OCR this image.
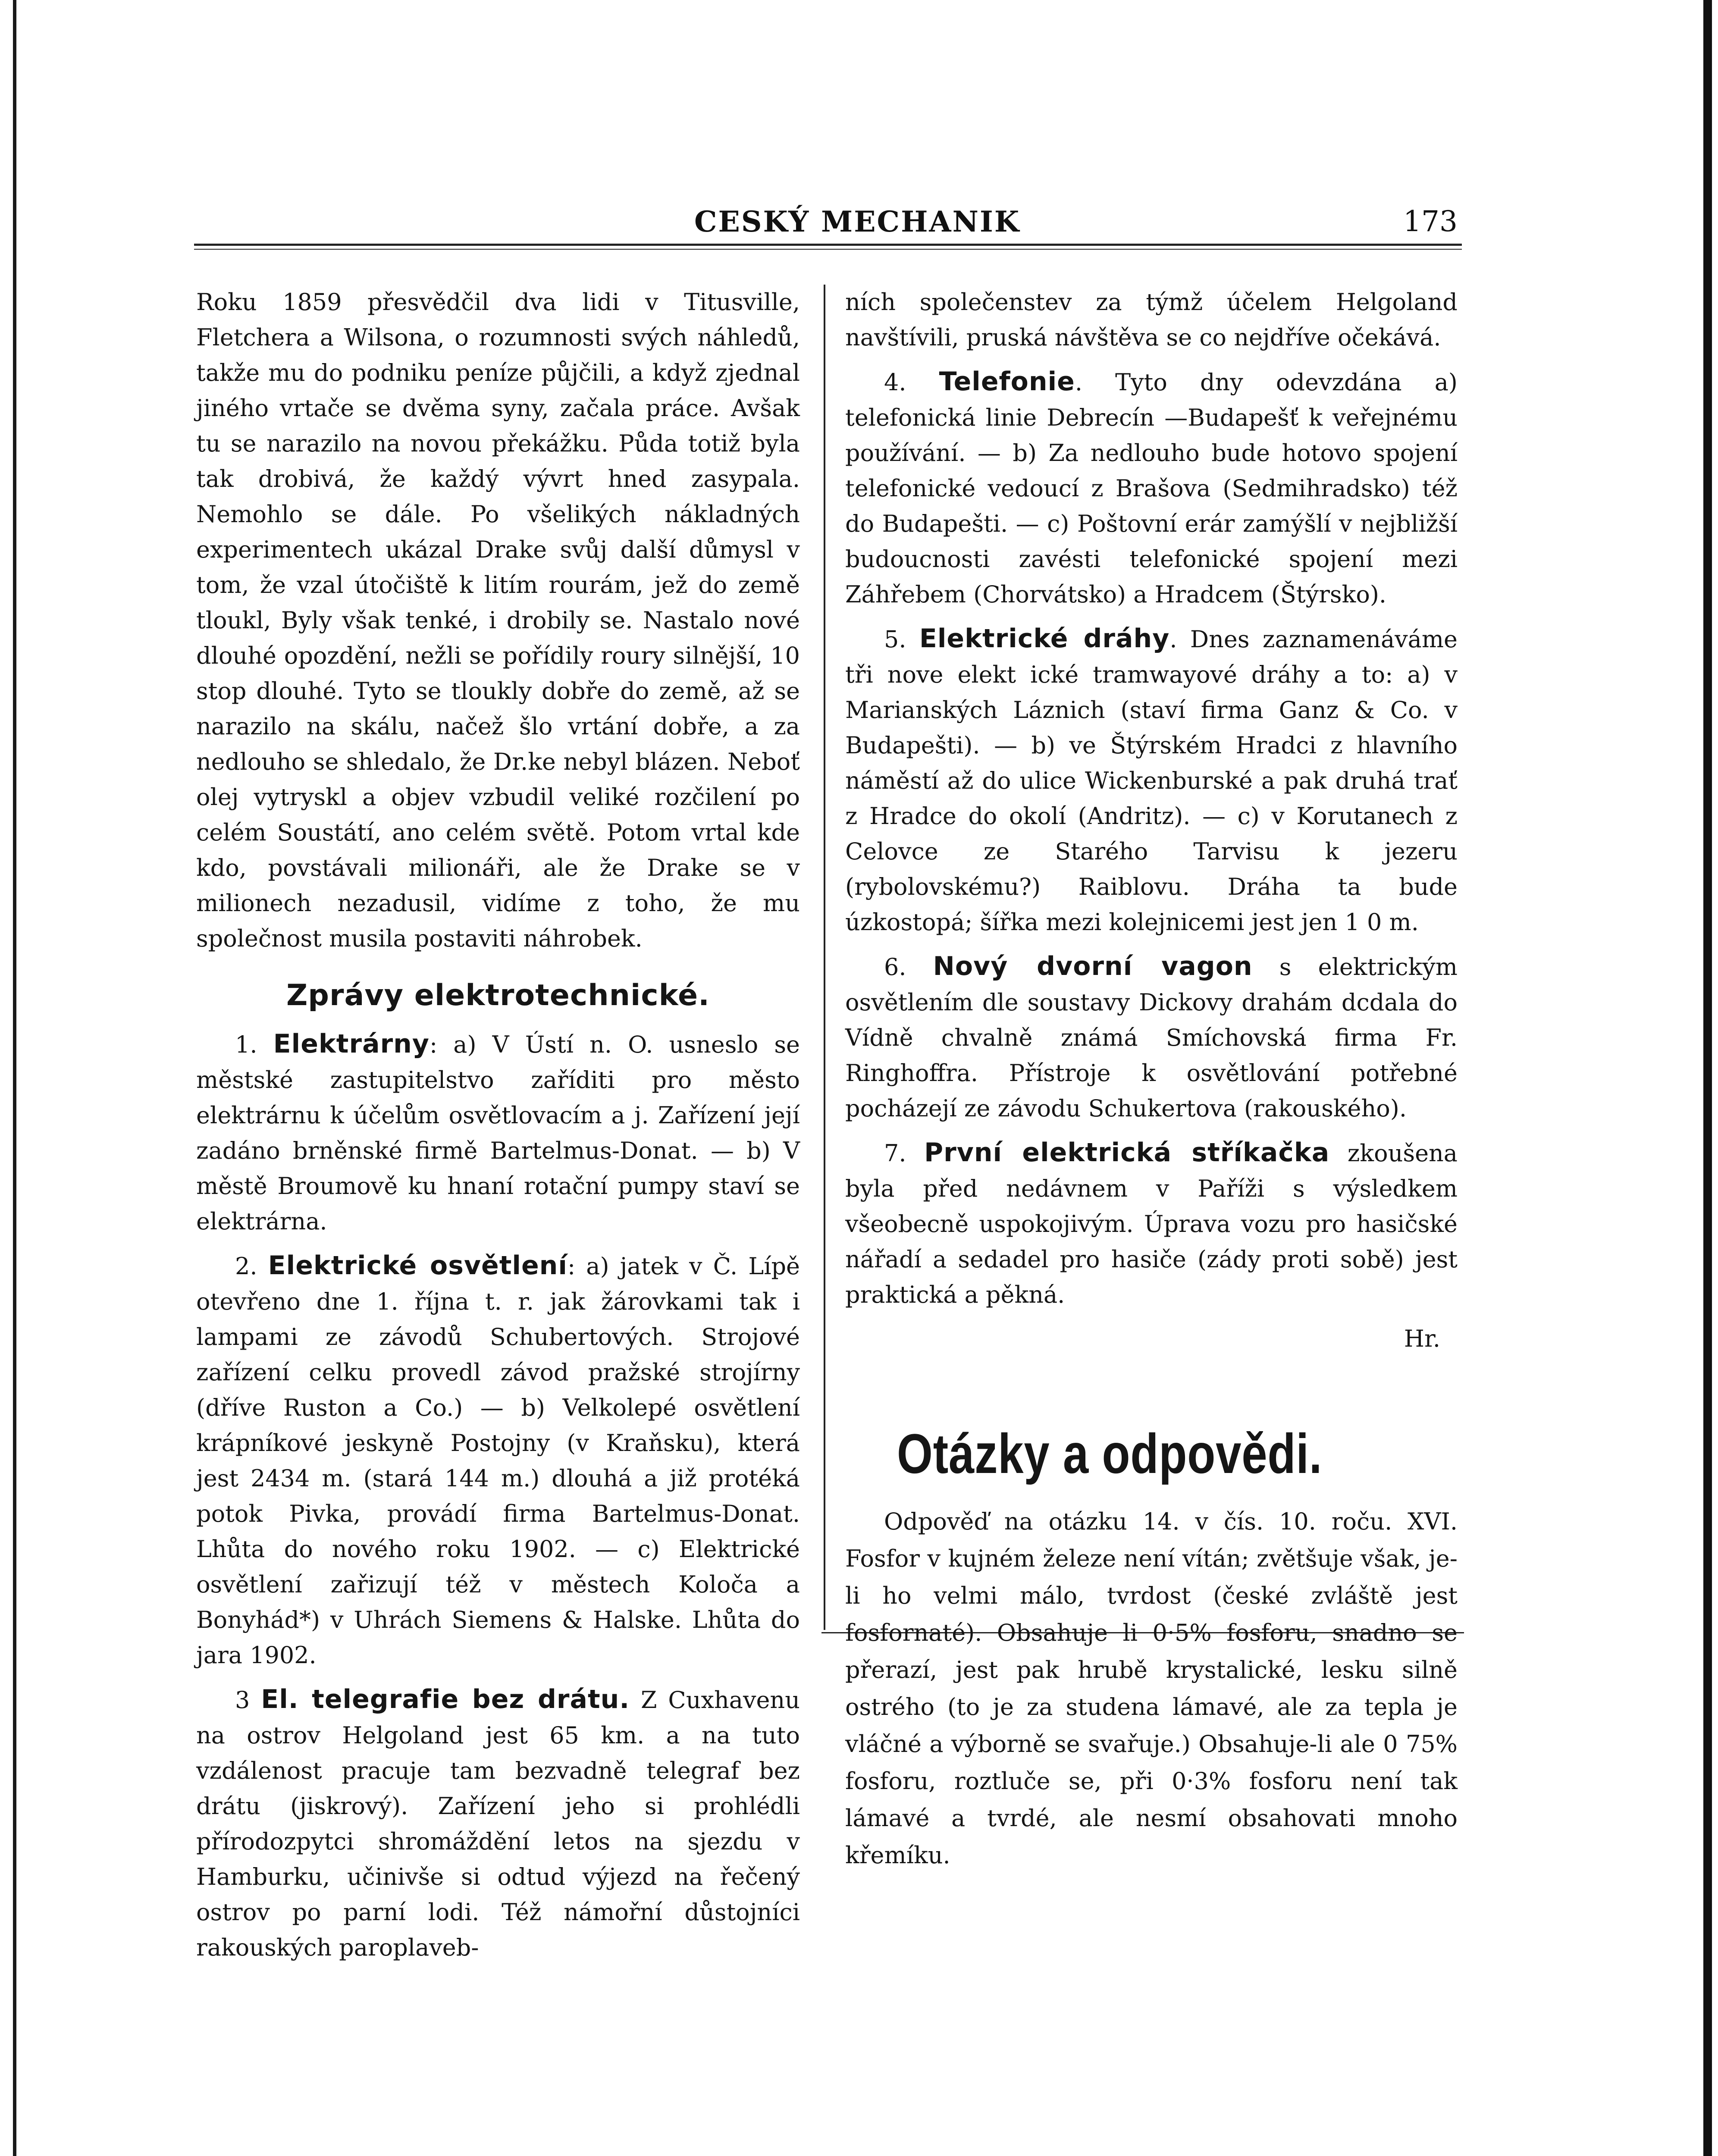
CESKÝ MECHANIK	173

Roku 1859 přesvědčil dva lidi v Titusville, Fletchera a Wilsona, o rozumnosti svých náhledů, takže mu do podniku peníze půjčili, a když zjednal jiného vrtače se dvěma syny, začala práce. Avšak tu se narazilo na novou překážku. Půda totiž byla tak drobivá, že každý vývrt hned zasypala. Nemohlo se dále. Po všelikých nákladných experimentech ukázal Drake svůj další důmysl v tom, že vzal útočiště k litím rourám, jež do země tloukl, Byly však tenké, i drobily se. Nastalo nové dlouhé opozdění, nežli se pořídily roury silnější, 10 stop dlouhé. Tyto se tloukly dobře do země, až se narazilo na skálu, načež šlo vrtání dobře, a za nedlouho se shledalo, že Dr.ke nebyl blázen. Neboť olej vytryskl a objev vzbudil veliké rozčilení po celém Soustátí, ano celém světě. Potom vrtal kde kdo, povstávali milionáři, ale že Drake se v milionech nezadusil, vidíme z toho, že mu společnost musila postaviti náhrobek.

Zprávy elektrotechnické.

1. Elektrárny: a) V Ústí n. O. usneslo se městské zastupitelstvo zaříditi pro město elektrárnu k účelům osvětlovacím a j. Zařízení její zadáno brněnské firmě Bartelmus-Donat. — b) V městě Broumově ku hnaní rotační pumpy staví se elektrárna.

2. Elektrické osvětlení: a) jatek v Č. Lípě otevřeno dne 1. října t. r. jak žárovkami tak i lampami ze závodů Schubertových. Strojové zařízení celku provedl závod pražské strojírny (dříve Ruston a Co.) — b) Velkolepé osvětlení krápníkové jeskyně Postojny (v Kraňsku), která jest 2434 m. (stará 144 m.) dlouhá a již protéká potok Pivka, provádí firma Bartelmus-Donat. Lhůta do nového roku 1902. — c) Elektrické osvětlení zařizují též v městech Koloča a Bonyhád*) v Uhrách Siemens & Halske. Lhůta do jara 1902.

3 El. telegrafie bez drátu. Z Cuxhavenu na ostrov Helgoland jest 65 km. a na tuto vzdálenost pracuje tam bezvadně telegraf bez drátu (jiskrový). Zařízení jeho si prohlédli přírodozpytci shromáždění letos na sjezdu v Hamburku, učinivše si odtud výjezd na řečený ostrov po parní lodi. Též námořní důstojníci rakouských paroplaveb-

ních společenstev za týmž účelem Helgoland navštívili, pruská návštěva se co nejdříve očekává.

4. Telefonie. Tyto dny odevzdána a) telefonická linie Debrecín —Budapešť k veřejnému používání. — b) Za nedlouho bude hotovo spojení telefonické vedoucí z Brašova (Sedmihradsko) též do Budapešti. — c) Poštovní erár zamýšlí v nejbližší budoucnosti zavésti telefonické spojení mezi Záhřebem (Chorvátsko) a Hradcem (Štýrsko).

5. Elektrické dráhy. Dnes zaznamenáváme tři nove elekt ické tramwayové dráhy a to: a) v Marianských Láznich (staví firma Ganz & Co. v Budapešti). — b) ve Štýrském Hradci z hlavního náměstí až do ulice Wickenburské a pak druhá trať z Hradce do okolí (Andritz). — c) v Korutanech z Celovce ze Starého Tarvisu k jezeru (rybolovskému?) Raiblovu. Dráha ta bude úzkostopá; šířka mezi kolejnicemi jest jen 1 0 m.

6. Nový dvorní vagon s elektrickým osvětlením dle soustavy Dickovy drahám dcdala do Vídně chvalně známá Smíchovská firma Fr. Ringhoffra. Přístroje k osvětlování potřebné pocházejí ze závodu Schukertova (rakouského).

7. První elektrická stříkačka zkoušena byla před nedávnem v Paříži s výsledkem všeobecně uspokojivým. Úprava vozu pro hasičské nářadí a sedadel pro hasiče (zády proti sobě) jest praktická a pěkná.

Hr.

Otázky a odpovědi.

Odpověď na otázku 14. v čís. 10. roču. XVI. Fosfor v kujném železe není vítán; zvětšuje však, je-li ho velmi málo, tvrdost (české zvláště jest fosfornaté). Obsahuje li 0·5% fosforu, snadno se přerazí, jest pak hrubě krystalické, lesku silně ostrého (to je za studena lámavé, ale za tepla je vláčné a výborně se svařuje.) Obsahuje-li ale 0 75% fosforu, roztluče se, při 0·3% fosforu není tak lámavé a tvrdé, ale nesmí obsahovati mnoho křemíku.
